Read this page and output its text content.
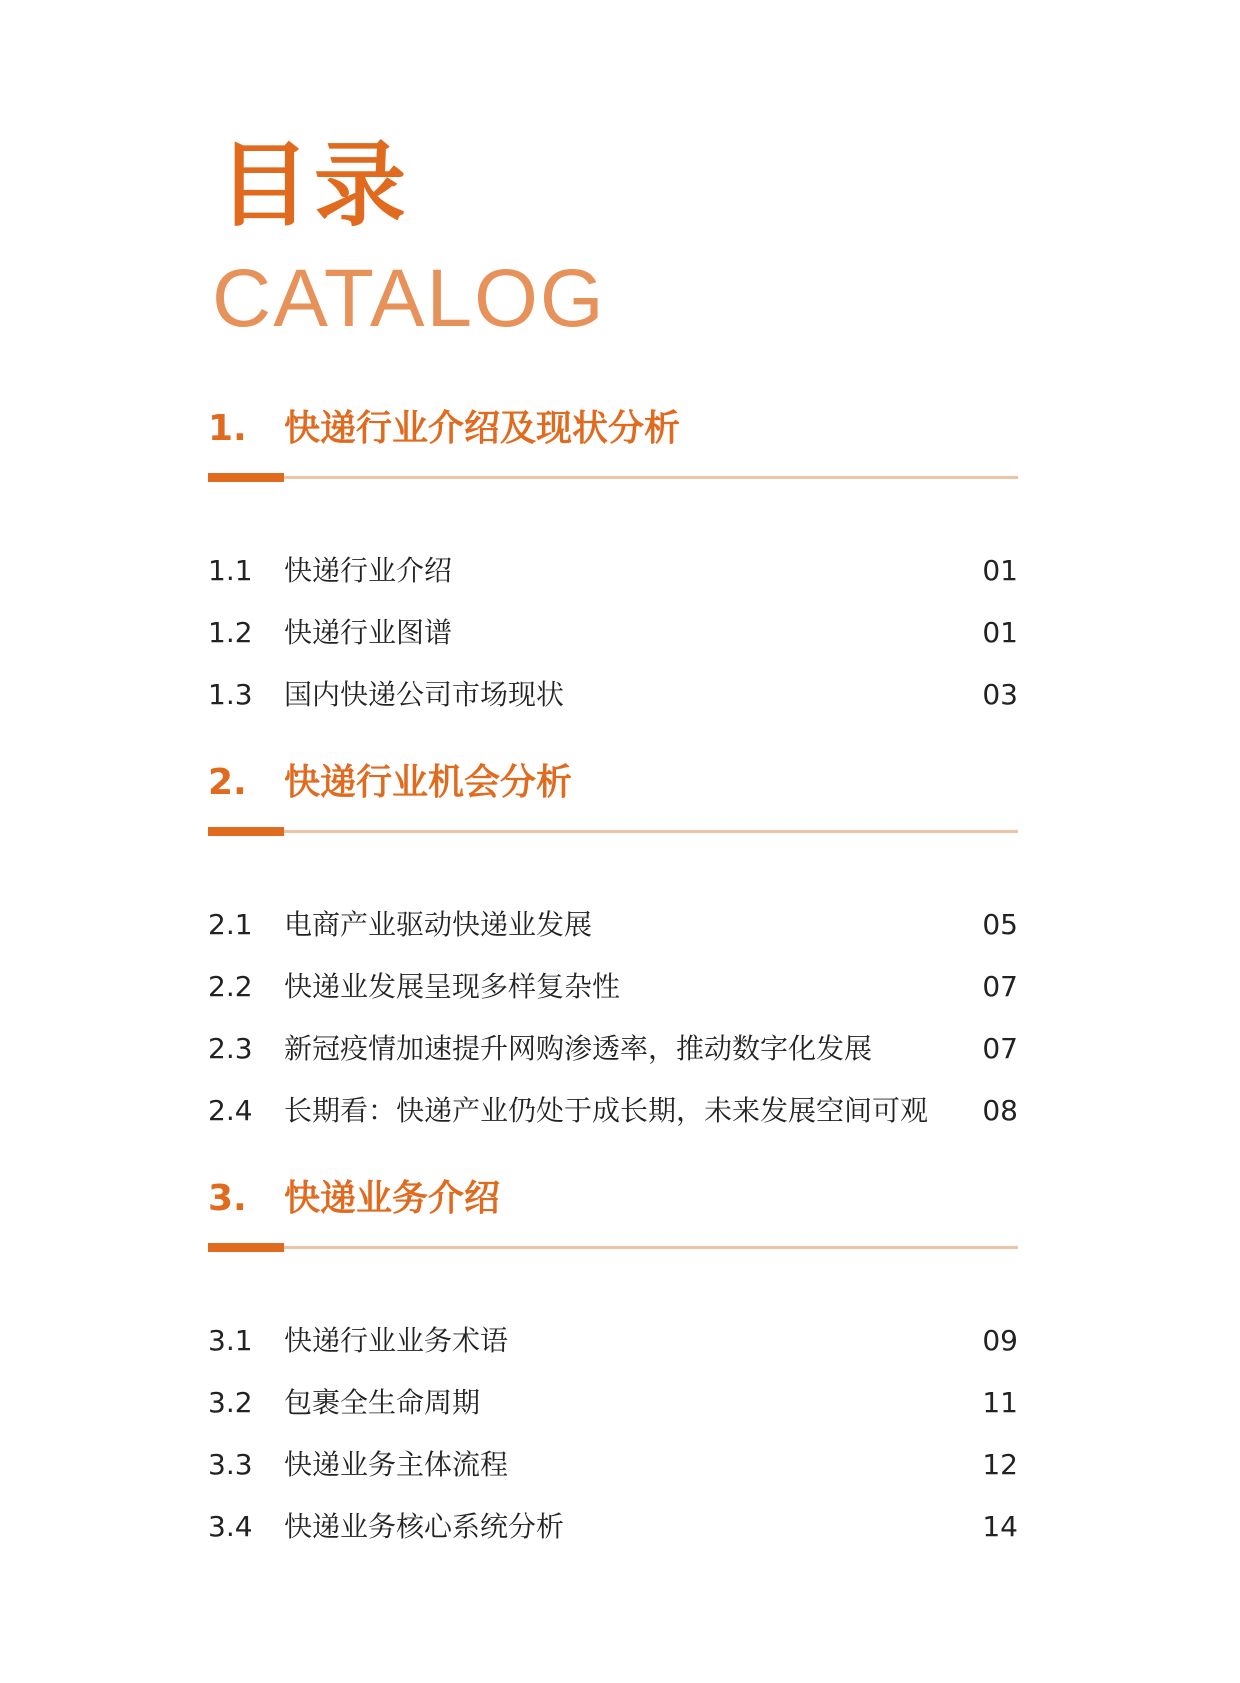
目录
CATALOG
1. 快递行业介绍及现状分析
1.1 快递行业介绍	01
1.2 快递行业图谱	01
1.3 国内快递公司市场现状	03
2. 快递行业机会分析
2.1 电商产业驱动快递业发展	05
2.2 快递业发展呈现多样复杂性	07
2.3 新冠疫情加速提升网购渗透率，推动数字化发展	07
2.4 长期看：快递产业仍处于成长期，未来发展空间可观 08
3. 快递业务介绍
3.1 快递行业业务术语	09
3.2 包裹全生命周期	11
3.3 快递业务主体流程	12
3.4 快递业务核心系统分析	14
